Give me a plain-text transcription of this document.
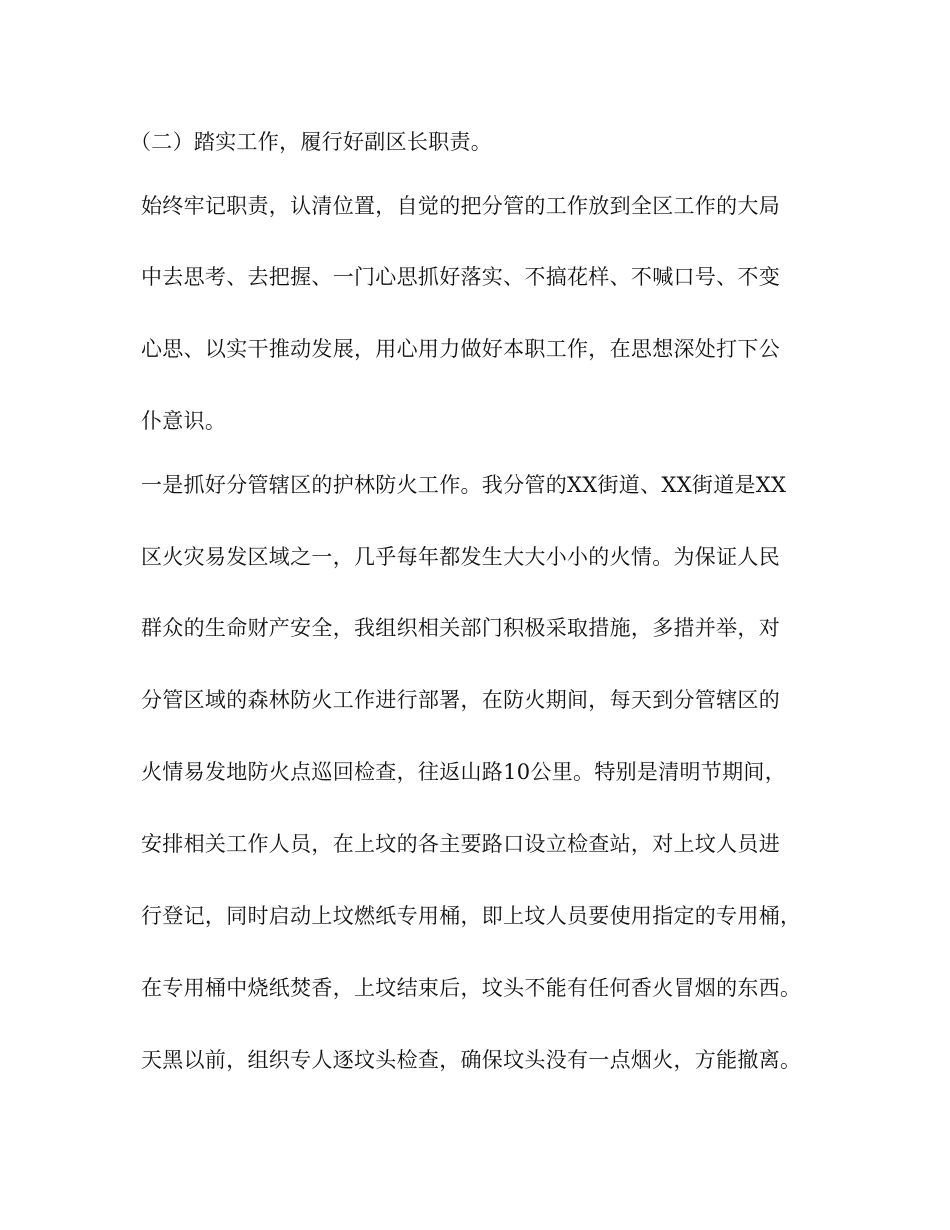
（二）踏实工作，履行好副区长职责。
始终牢记职责，认清位置，自觉的把分管的工作放到全区工作的大局
中去思考、去把握、一门心思抓好落实、不搞花样、不喊口号、不变
心思、以实干推动发展，用心用力做好本职工作，在思想深处打下公
仆意识。
一是抓好分管辖区的护林防火工作。我分管的XX街道、XX街道是XX
区火灾易发区域之一，几乎每年都发生大大小小的火情。为保证人民
群众的生命财产安全，我组织相关部门积极采取措施，多措并举，对
分管区域的森林防火工作进行部署，在防火期间，每天到分管辖区的
火情易发地防火点巡回检查，往返山路10公里。特别是清明节期间，
安排相关工作人员，在上坟的各主要路口设立检查站，对上坟人员进
行登记，同时启动上坟燃纸专用桶，即上坟人员要使用指定的专用桶，
在专用桶中烧纸焚香，上坟结束后，坟头不能有任何香火冒烟的东西。
天黑以前，组织专人逐坟头检查，确保坟头没有一点烟火，方能撤离。
